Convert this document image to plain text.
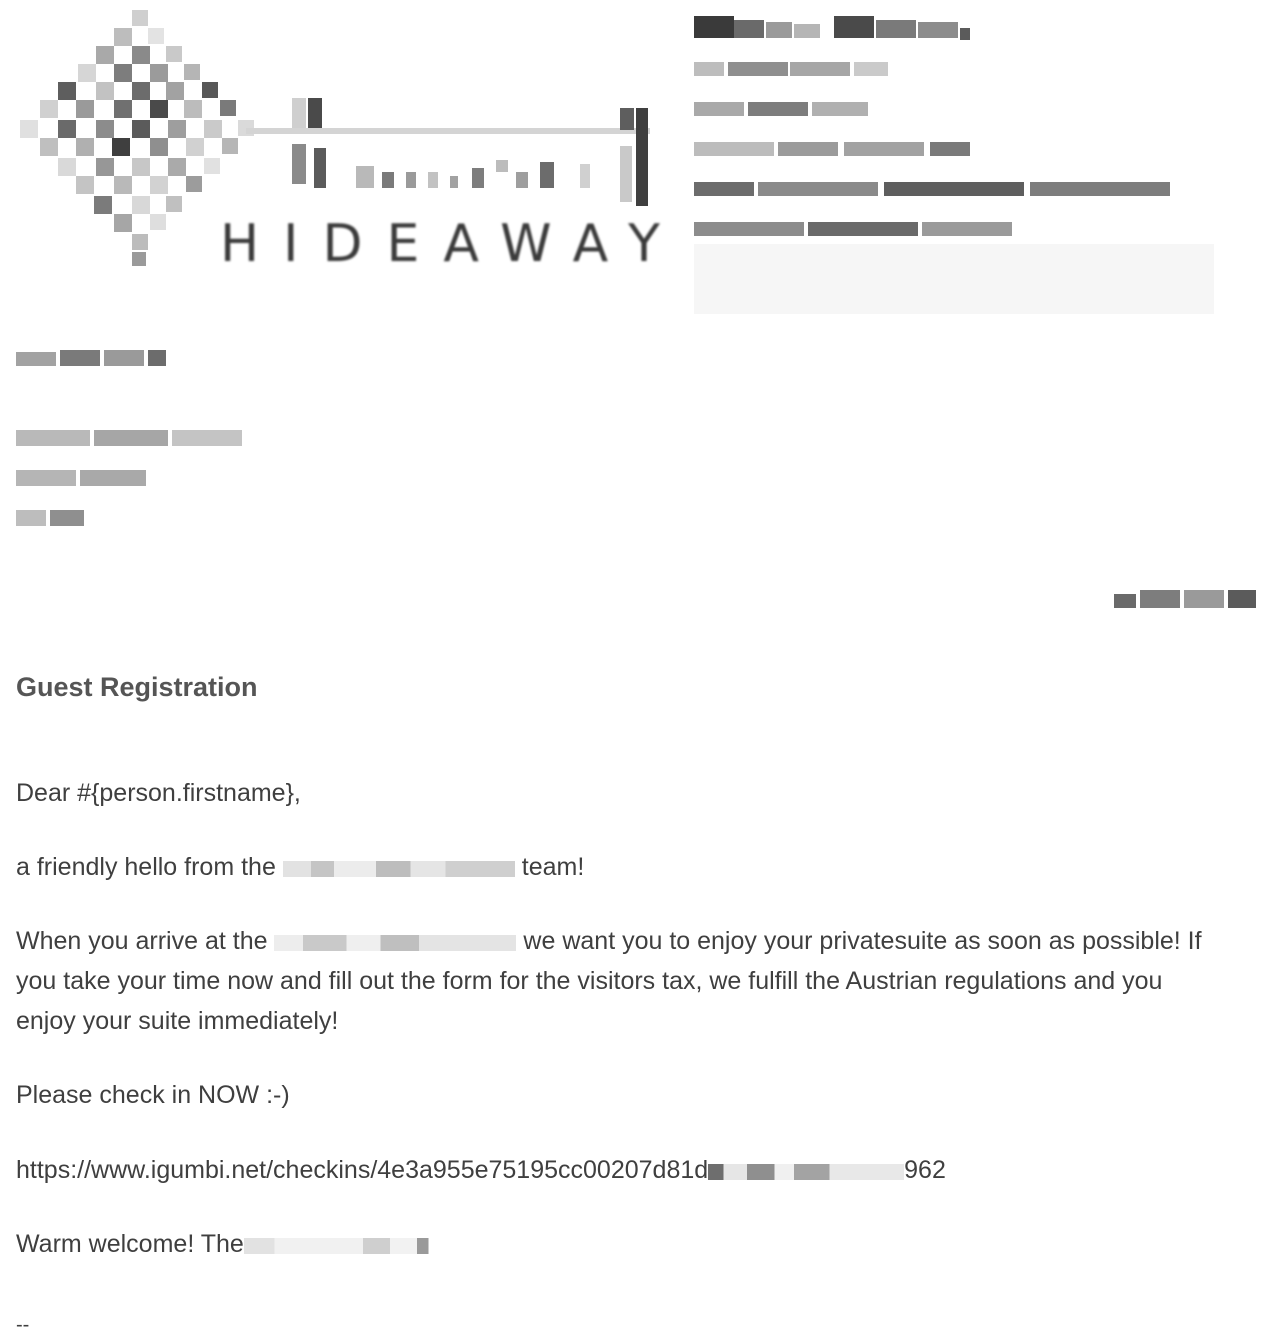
HIDEAWAY
Guest Registration

Dear #{person.firstname},

a friendly hello from the	team!

When you arrive at the	we want you to enjoy your privatesuite as soon as possible! If you take your time now and fill out the form for the visitors tax, we fulfill the Austrian regulations and you enjoy your suite immediately!

Please check in NOW :-)

https://www.igumbi.net/checkins/4e3a955e75195cc00207d81d	962

Warm welcome! The

--
